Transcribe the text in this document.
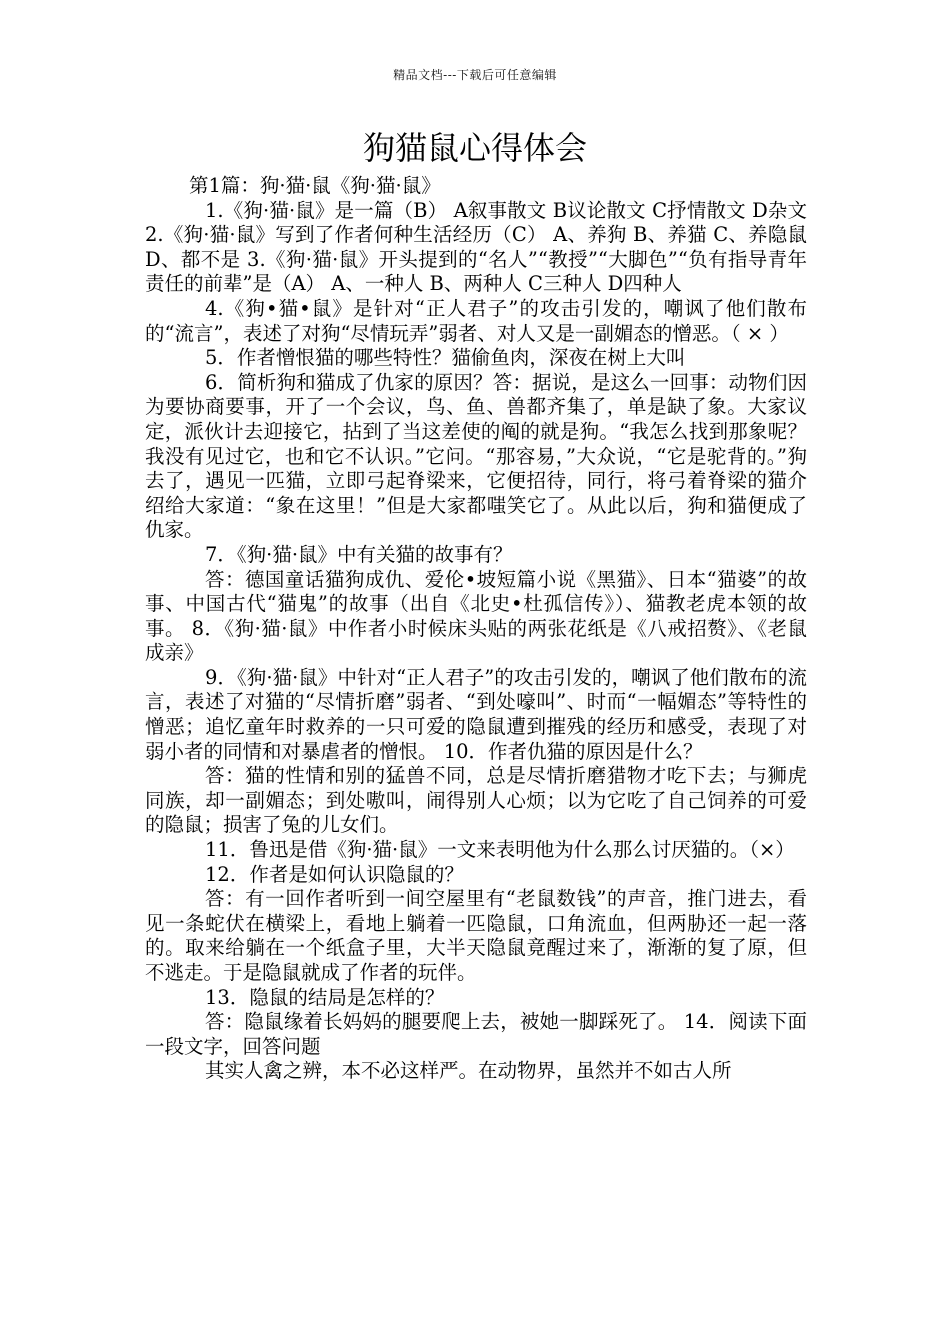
精品文档---下载后可任意编辑
狗猫鼠心得体会

第1篇：狗·猫·鼠《狗·猫·鼠》

1.《狗·猫·鼠》是一篇（B） A叙事散文 B议论散文 C抒情散文 D杂文 2.《狗·猫·鼠》写到了作者何种生活经历（C） A、养狗 B、养猫 C、养隐鼠 D、都不是 3.《狗·猫·鼠》开头提到的“名人”“教授”“大脚色”“负有指导青年责任的前辈”是（A） A、一种人 B、两种人 C三种人 D四种人

4.《狗•猫•鼠》是针对“正人君子”的攻击引发的，嘲讽了他们散布的“流言”，表述了对狗“尽情玩弄”弱者、对人又是一副媚态的憎恶。（ × ）

5．作者憎恨猫的哪些特性？猫偷鱼肉，深夜在树上大叫

6．简析狗和猫成了仇家的原因？答：据说，是这么一回事：动物们因为要协商要事，开了一个会议，鸟、鱼、兽都齐集了，单是缺了象。大家议定，派伙计去迎接它，拈到了当这差使的阄的就是狗。“我怎么找到那象呢？我没有见过它，也和它不认识。”它问。“那容易，”大众说，“它是驼背的。”狗去了，遇见一匹猫，立即弓起脊梁来，它便招待，同行，将弓着脊梁的猫介绍给大家道：“象在这里！”但是大家都嗤笑它了。从此以后，狗和猫便成了仇家。

7．《狗·猫·鼠》中有关猫的故事有？

答：德国童话猫狗成仇、爱伦•坡短篇小说《黑猫》、日本“猫婆”的故事、中国古代“猫鬼”的故事（出自《北史•杜孤信传》）、猫教老虎本领的故事。 8．《狗·猫·鼠》中作者小时候床头贴的两张花纸是《八戒招赘》、《老鼠成亲》

9．《狗·猫·鼠》中针对“正人君子”的攻击引发的，嘲讽了他们散布的流言，表述了对猫的“尽情折磨”弱者、“到处嚎叫”、时而“一幅媚态”等特性的憎恶；追忆童年时救养的一只可爱的隐鼠遭到摧残的经历和感受，表现了对弱小者的同情和对暴虐者的憎恨。 10．作者仇猫的原因是什么？

答：猫的性情和别的猛兽不同，总是尽情折磨猎物才吃下去；与狮虎同族，却一副媚态；到处嗷叫，闹得别人心烦；以为它吃了自己饲养的可爱的隐鼠；损害了兔的儿女们。

11．鲁迅是借《狗·猫·鼠》一文来表明他为什么那么讨厌猫的。（×）

12．作者是如何认识隐鼠的？

答：有一回作者听到一间空屋里有“老鼠数钱”的声音，推门进去，看见一条蛇伏在横梁上，看地上躺着一匹隐鼠，口角流血，但两胁还一起一落的。取来给躺在一个纸盒子里，大半天隐鼠竟醒过来了，渐渐的复了原，但不逃走。于是隐鼠就成了作者的玩伴。

13．隐鼠的结局是怎样的？

答：隐鼠缘着长妈妈的腿要爬上去，被她一脚踩死了。 14．阅读下面一段文字，回答问题

其实人禽之辨，本不必这样严。在动物界，虽然并不如古人所
